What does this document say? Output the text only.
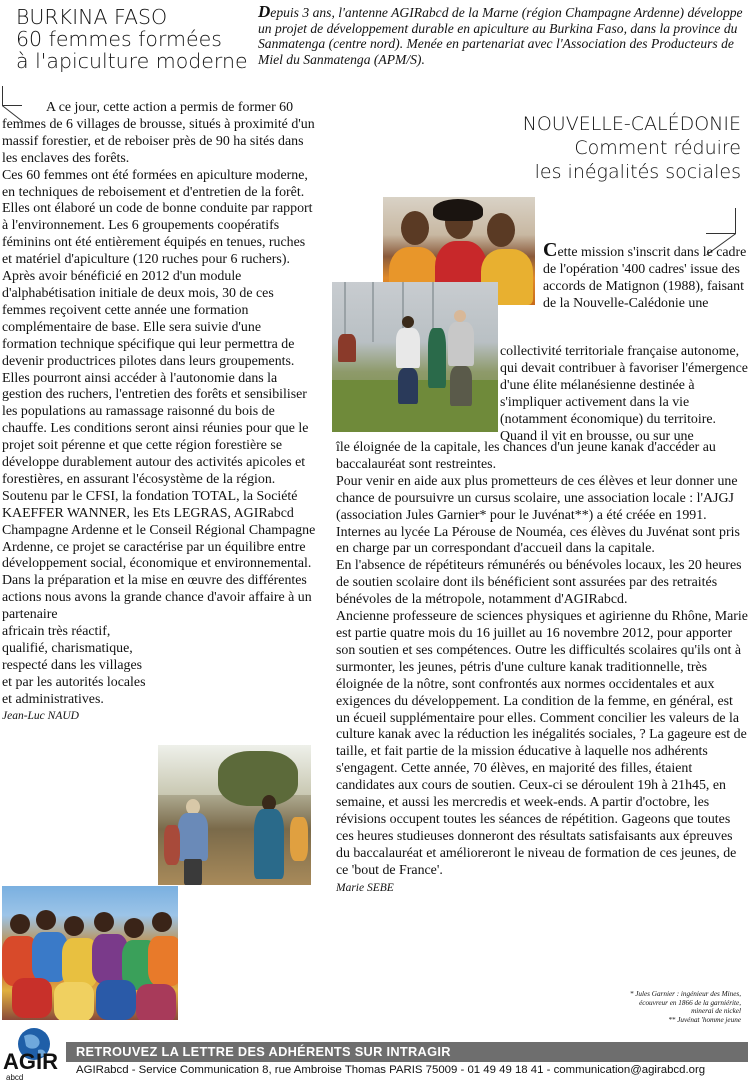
BURKINA FASO
60 femmes formées
à l'apiculture moderne
Depuis 3 ans, l'antenne AGIRabcd de la Marne (région Champagne Ardenne) développe un projet de développement durable en apiculture au Burkina Faso, dans la province du Sanmatenga (centre nord). Menée en partenariat avec l'Association des Producteurs de Miel du Sanmatenga (APM/S).

A ce jour, cette action a permis de former 60 femmes de 6 villages de brousse, situés à proximité d'un massif forestier, et de reboiser près de 90 ha sités dans les enclaves des forêts.

Ces 60 femmes ont été formées en apiculture moderne, en techniques de reboisement et d'entretien de la forêt. Elles ont élaboré un code de bonne conduite par rapport à l'environnement. Les 6 groupements coopératifs féminins ont été entièrement équipés en tenues, ruches et matériel d'apiculture (120 ruches pour 6 ruchers). Après avoir bénéficié en 2012 d'un module d'alphabétisation initiale de deux mois, 30 de ces femmes reçoivent cette année une formation complémentaire de base. Elle sera suivie d'une formation technique spécifique qui leur permettra de devenir productrices pilotes dans leurs groupements. Elles pourront ainsi accéder à l'autonomie dans la gestion des ruchers, l'entretien des forêts et sensibiliser les populations au ramassage raisonné du bois de chauffe. Les conditions seront ainsi réunies pour que le projet soit pérenne et que cette région forestière se développe durablement autour des activités apicoles et forestières, en assurant l'écosystème de la région.

Soutenu par le CFSI, la fondation TOTAL, la Société KAEFFER WANNER, les Ets LEGRAS, AGIRabcd Champagne Ardenne et le Conseil Régional Champagne Ardenne, ce projet se caractérise par un équilibre entre développement social, économique et environnemental. Dans la préparation et la mise en œuvre des différentes actions nous avons la grande chance d'avoir affaire à un partenaire

africain très réactif, qualifié, charismatique, respecté dans les villages et par les autorités locales et administratives.

Jean-Luc NAUD

NOUVELLE-CALÉDONIE
Comment réduire
les inégalités sociales
Cette mission s'inscrit dans le cadre de l'opération '400 cadres' issue des accords de Matignon (1988), faisant de la Nouvelle-Calédonie une
collectivité territoriale française autonome, qui devait contribuer à favoriser l'émergence d'une élite mélanésienne destinée à s'impliquer activement dans la vie (notamment économique) du territoire.
Quand il vit en brousse, ou sur une
île éloignée de la capitale, les chances d'un jeune kanak d'accéder au baccalauréat sont restreintes.
Pour venir en aide aux plus prometteurs de ces élèves et leur donner une chance de poursuivre un cursus scolaire, une association locale : l'AJGJ (association Jules Garnier* pour le Juvénat**) a été créée en 1991. Internes au lycée La Pérouse de Nouméa, ces élèves du Juvénat sont pris en charge par un correspondant d'accueil dans la capitale.
En l'absence de répétiteurs rémunérés ou bénévoles locaux, les 20 heures de soutien scolaire dont ils bénéficient sont assurées par des retraités bénévoles de la métropole, notamment d'AGIRabcd.
Ancienne professeure de sciences physiques et agirienne du Rhône, Marie est partie quatre mois du 16 juillet au 16 novembre 2012, pour apporter son soutien et ses compétences. Outre les difficultés scolaires qu'ils ont à surmonter, les jeunes, pétris d'une culture kanak traditionnelle, très éloignée de la nôtre, sont confrontés aux normes occidentales et aux exigences du développement. La condition de la femme, en général, est un écueil supplémentaire pour elles. Comment concilier les valeurs de la culture kanak avec la réduction les inégalités sociales, ? La gageure est de taille, et fait partie de la mission éducative à laquelle nos adhérents s'engagent. Cette année, 70 élèves, en majorité des filles, étaient candidates aux cours de soutien. Ceux-ci se déroulent 19h à 21h45, en semaine, et aussi les mercredis et week-ends. A partir d'octobre, les révisions occupent toutes les séances de répétition. Gageons que toutes ces heures studieuses donneront des résultats satisfaisants aux épreuves du baccalauréat et amélioreront le niveau de formation de ces jeunes, de ce 'bout de France'.
Marie SEBE
* Jules Garnier : ingénieur des Mines,
écouvreur en 1866 de la garniérite,
minerai de nickel
** Juvénat 'homme jeune
AGIR
abcd
RETROUVEZ LA LETTRE DES ADHÉRENTS SUR INTRAGIR
AGIRabcd - Service Communication 8, rue Ambroise Thomas PARIS 75009 - 01 49 49 18 41 - communication@agirabcd.org
